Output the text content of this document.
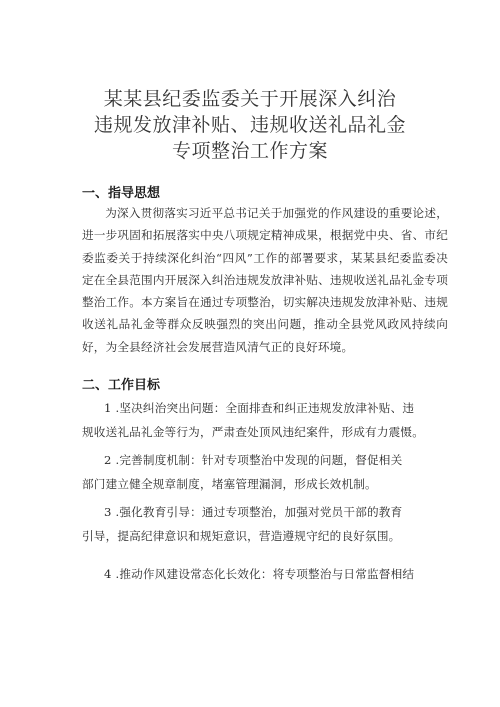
某某县纪委监委关于开展深入纠治
违规发放津补贴、违规收送礼品礼金
专项整治工作方案
一、指导思想
为深入贯彻落实习近平总书记关于加强党的作风建设的重要论述，进一步巩固和拓展落实中央八项规定精神成果，根据党中央、省、市纪委监委关于持续深化纠治“四风”工作的部署要求，某某县纪委监委决定在全县范围内开展深入纠治违规发放津补贴、违规收送礼品礼金专项整治工作。本方案旨在通过专项整治，切实解决违规发放津补贴、违规收送礼品礼金等群众反映强烈的突出问题，推动全县党风政风持续向好，为全县经济社会发展营造风清气正的良好环境。
二、工作目标
1 .坚决纠治突出问题：全面排查和纠正违规发放津补贴、违
规收送礼品礼金等行为，严肃查处顶风违纪案件，形成有力震慑。
2 .完善制度机制：针对专项整治中发现的问题，督促相关
部门建立健全规章制度，堵塞管理漏洞，形成长效机制。
3 .强化教育引导：通过专项整治，加强对党员干部的教育
引导，提高纪律意识和规矩意识，营造遵规守纪的良好氛围。
4 .推动作风建设常态化长效化：将专项整治与日常监督相结
